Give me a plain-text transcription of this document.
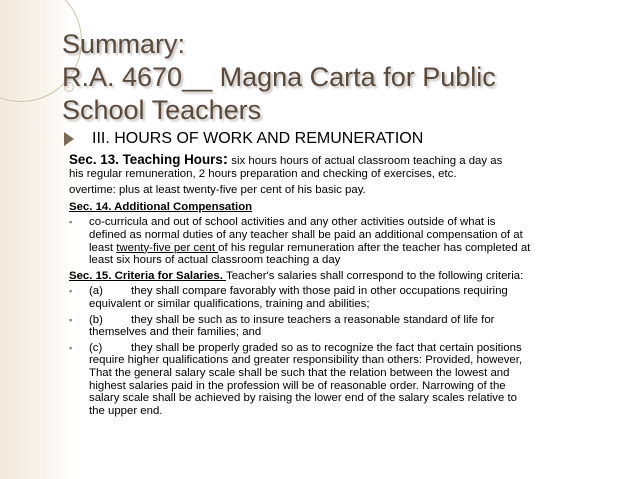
Summary:
R.A. 4670__ Magna Carta for Public
School Teachers
III. HOURS OF WORK AND REMUNERATION
Sec. 13. Teaching Hours: six hours hours of actual classroom teaching a day as
his regular remuneration, 2 hours preparation and checking of exercises, etc.
overtime: plus at least twenty-five per cent of his basic pay.
Sec. 14. Additional Compensation
▪	co-curricula and out of school activities and any other activities outside of what is
defined as normal duties of any teacher shall be paid an additional compensation of at
least twenty-five per cent of his regular remuneration after the teacher has completed at
least six hours of actual classroom teaching a day
Sec. 15. Criteria for Salaries. Teacher's salaries shall correspond to the following criteria:
▪	(a) they shall compare favorably with those paid in other occupations requiring
equivalent or similar qualifications, training and abilities;
▪	(b) they shall be such as to insure teachers a reasonable standard of life for
themselves and their families; and
▪	(c)	they shall be properly graded so as to recognize the fact that certain positions
require higher qualifications and greater responsibility than others: Provided, however,
That the general salary scale shall be such that the relation between the lowest and
highest salaries paid in the profession will be of reasonable order. Narrowing of the
salary scale shall be achieved by raising the lower end of the salary scales relative to
the upper end.
